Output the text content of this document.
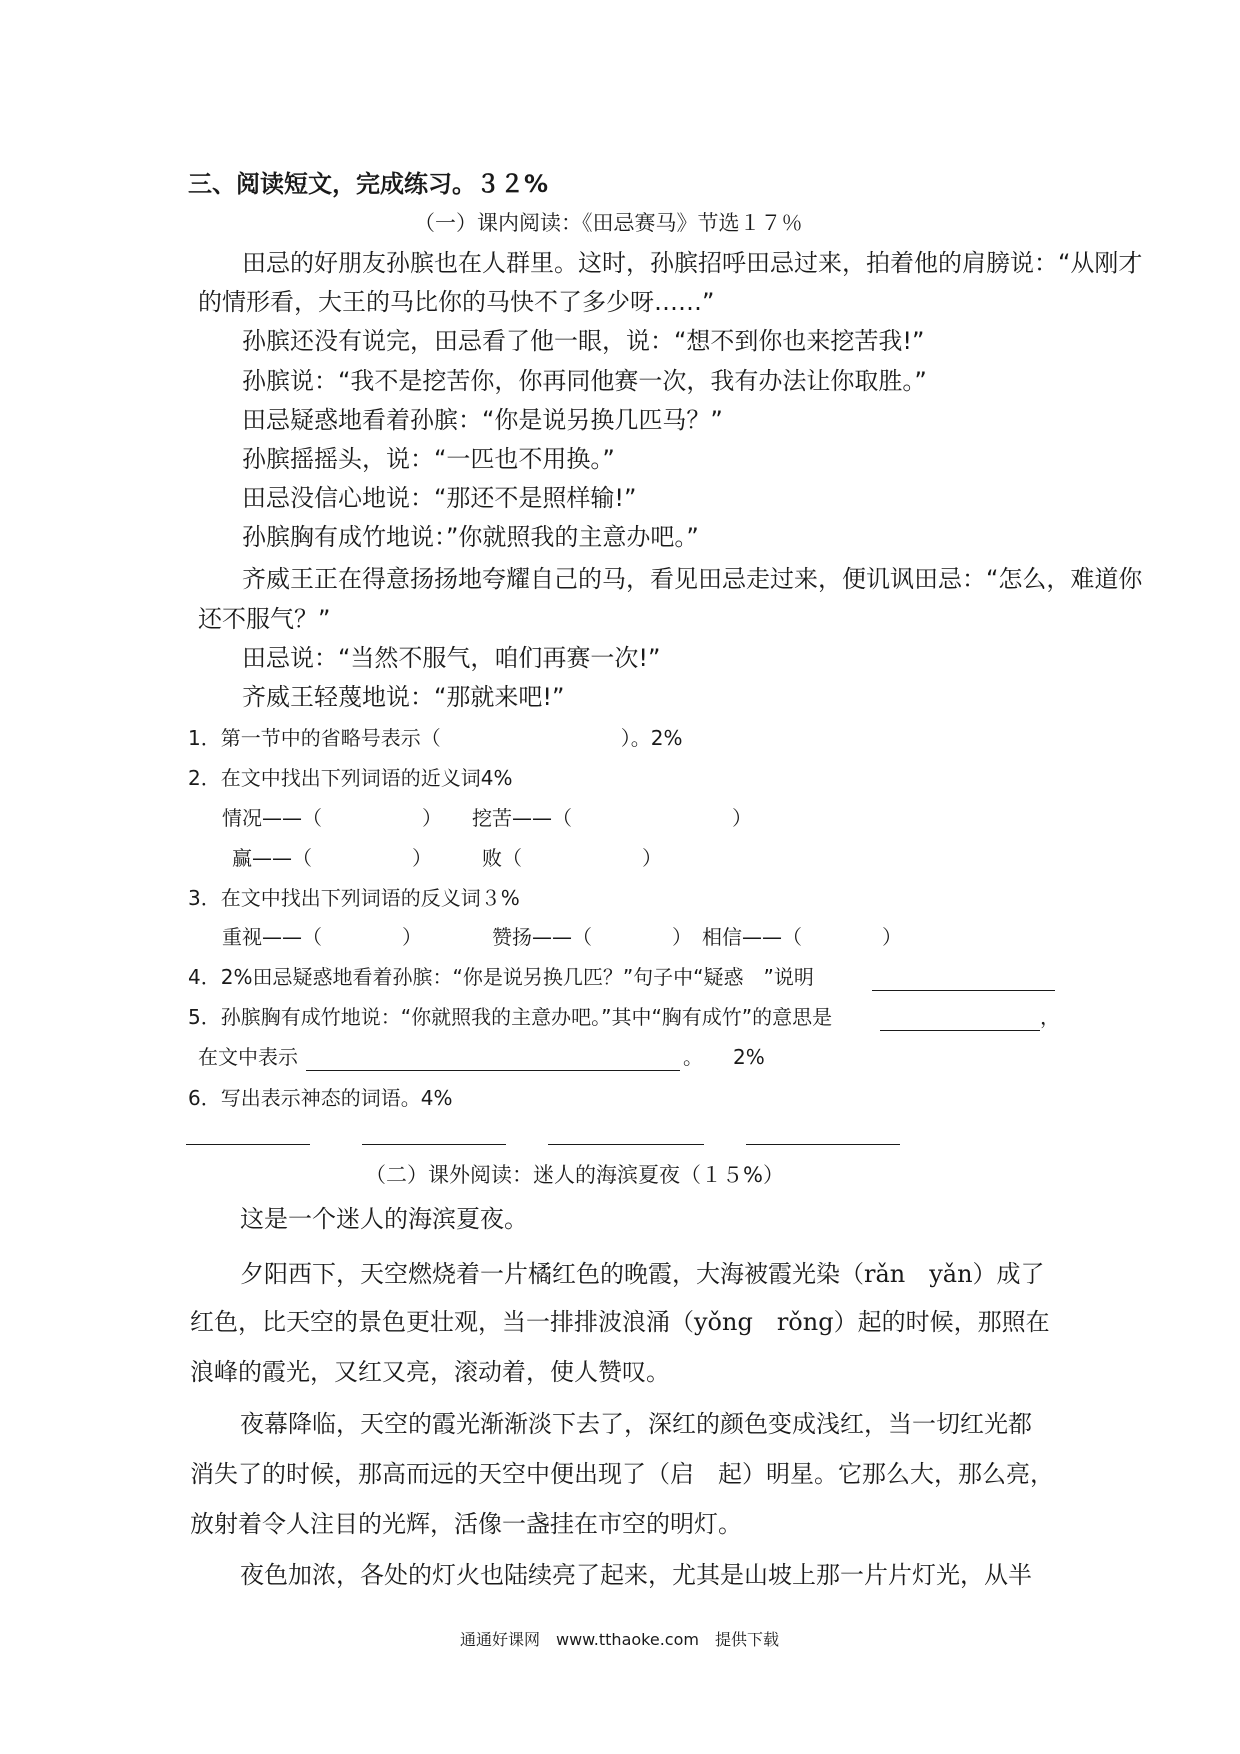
三、阅读短文，完成练习。３２%
（一）课内阅读：《田忌赛马》节选１７％
田忌的好朋友孙膑也在人群里。这时，孙膑招呼田忌过来，拍着他的肩膀说：“从刚才
的情形看，大王的马比你的马快不了多少呀……”
孙膑还没有说完，田忌看了他一眼，说：“想不到你也来挖苦我!”
孙膑说：“我不是挖苦你，你再同他赛一次，我有办法让你取胜。”
田忌疑惑地看着孙膑：“你是说另换几匹马？”
孙膑摇摇头，说：“一匹也不用换。”
田忌没信心地说：“那还不是照样输!”
孙膑胸有成竹地说：”你就照我的主意办吧。”
齐威王正在得意扬扬地夸耀自己的马，看见田忌走过来，便讥讽田忌：“怎么，难道你
还不服气？”
田忌说：“当然不服气，咱们再赛一次!”
齐威王轻蔑地说：“那就来吧!”
1．第一节中的省略号表示（　　　　　　　　　）。2%
2．在文中找出下列词语的近义词4%
情况——（　　　　　）　　挖苦——（　　　　　　　　）
赢——（　　　　　）　　　败（　　　　　　）
3．在文中找出下列词语的反义词３%
重视——（　　　　）　　　　赞扬——（　　　　）　相信——（　　　　）
4．2%田忌疑惑地看着孙膑：“你是说另换几匹？”句子中“疑惑　”说明
5．孙膑胸有成竹地说：“你就照我的主意办吧。”其中“胸有成竹”的意思是	，
在文中表示	。　　2%
6．写出表示神态的词语。4%
（二）课外阅读：迷人的海滨夏夜（１５%）
这是一个迷人的海滨夏夜。
夕阳西下，天空燃烧着一片橘红色的晚霞，大海被霞光染（rǎn　yǎn）成了
红色，比天空的景色更壮观，当一排排波浪涌（yǒng　rǒng）起的时候，那照在
浪峰的霞光，又红又亮，滚动着，使人赞叹。
夜幕降临，天空的霞光渐渐淡下去了，深红的颜色变成浅红，当一切红光都
消失了的时候，那高而远的天空中便出现了（启　起）明星。它那么大，那么亮，
放射着令人注目的光辉，活像一盏挂在市空的明灯。
夜色加浓，各处的灯火也陆续亮了起来，尤其是山坡上那一片片灯光，从半
通通好课网　www.tthaoke.com　提供下载
